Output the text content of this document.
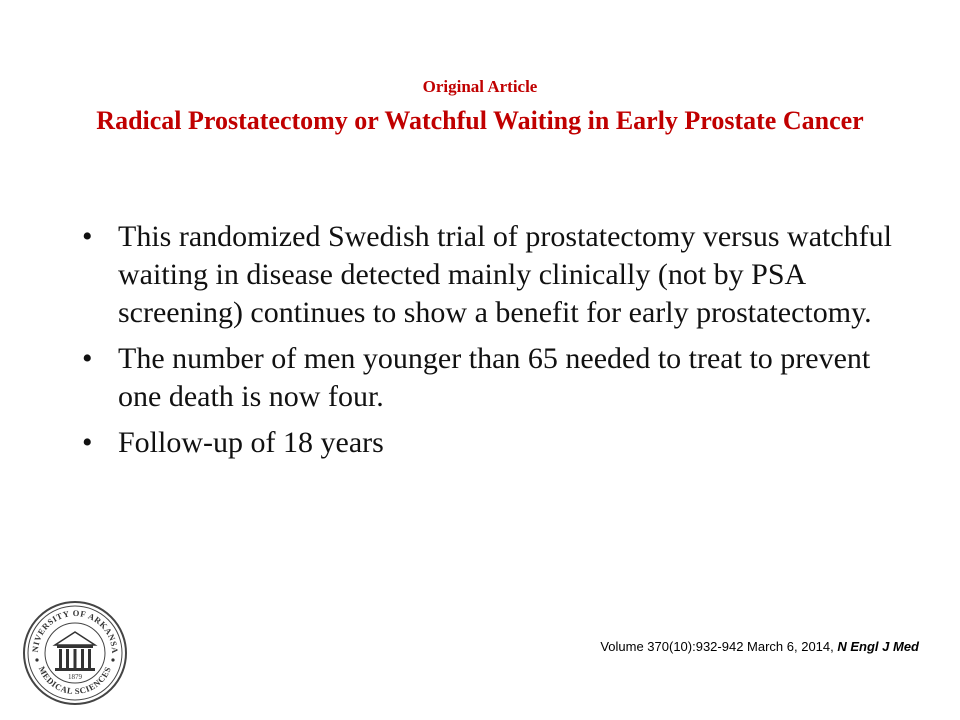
Original Article

Radical Prostatectomy or Watchful Waiting in Early Prostate Cancer
• This randomized Swedish trial of prostatectomy versus watchful waiting in disease detected mainly clinically (not by PSA screening) continues to show a benefit for early prostatectomy.
• The number of men younger than 65 needed to treat to prevent one death is now four.
• Follow-up of 18 years
NIVERSITY OF ARKANSA
MEDICAL SCIENCES
1879
Volume 370(10):932-942 March 6, 2014, N Engl J Med
